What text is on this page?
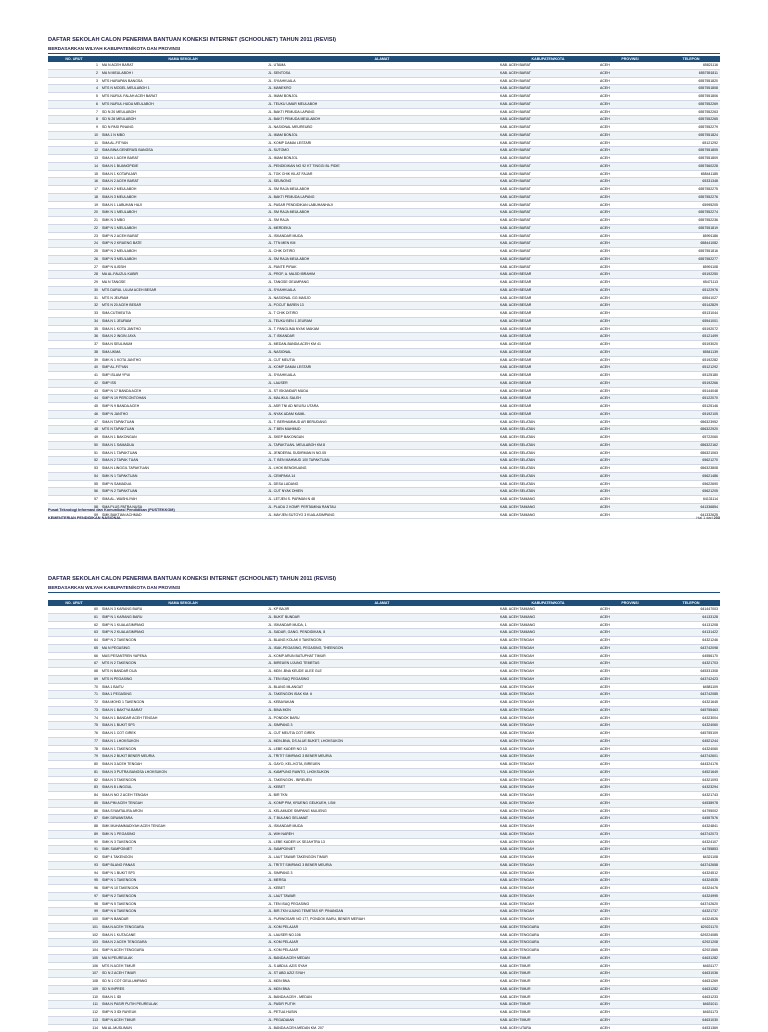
DAFTAR SEKOLAH CALON PENERIMA BANTUAN KONEKSI INTERNET (SCHOOLNET) TAHUN 2011 (REVISI)
BERDASARKAN WILYAH KABUPATEN/KOTA DAN PROVINSI
NO. URUT	NAMA SEKOLAH	ALAMAT	KABUPATEN/KOTA	PROVINSI	TELEPON
1	MA N ACEH BARAT	JL. UTAMA	KAB. ACEH BARAT	ACEH	65821116
2	MA N MEULABOH I	JL. SENTOSA	KAB. ACEH BARAT	ACEH	6557551811
3	MTS HARAPAN BANGSA	JL. SYIAHKUALA	KAB. ACEH BARAT	ACEH	6557551820
4	MTS N MODEL MEULABOH 1	JL. MANEKRO	KAB. ACEH BARAT	ACEH	6557551808
5	MTS NURUL FALAH ACEH BARAT	JL. IMAM BONJOL	KAB. ACEH BARAT	ACEH	6557551806
6	MTS NURUL HUDA MEULABOH	JL. TEUKU UMAR MEULABOH	KAB. ACEH BARAT	ACEH	6557552269
7	SD N 20 MEULABOH	JL. BAKTI PEMUDA LAPANG	KAB. ACEH BARAT	ACEH	6557552263
8	SD N 26 MEULABOH	JL. BAKTI PEMUDA MEULABOH	KAB. ACEH BARAT	ACEH	6557552265
9	SD N PASI PINANG	JL. NASIONAL MEUREUBO	KAB. ACEH BARAT	ACEH	6557552279
10	SMA 1 N MBO	JL. IMAM BONJOL	KAB. ACEH BARAT	ACEH	6557551824
11	SMA AL-FITYAN	JL. KOMP DAMAI LESTARI	KAB. ACEH BARAT	ACEH	65121292
12	SMA BINA GENERASI BANGSA	JL. SUTOMO	KAB. ACEH BARAT	ACEH	6557551805
13	SMA N 1 ACEH BARAT	JL. IMAM BONJOL	KAB. ACEH BARAT	ACEH	6557551809
14	SMA N 1 BUANGPIDIE	JL. PENDIDIKAN NO 92 KT TINGGI BL PIDIE	KAB. ACEH BARAT	ACEH	6557560228
15	SMA N 1 KOTAFAJAR	JL. TGK CHIK KILAT FAJAR	KAB. ACEH BARAT	ACEH	658441185
16	SMA N 2 ACEH BARAT	JL. SEUNONG	KAB. ACEH BARAT	ACEH	65331348
17	SMA N 2 MEULABOH	JL. SM RAJA MEULABOH	KAB. ACEH BARAT	ACEH	6557552275
18	SMA N 3 MEULABOH	JL. BAKTI PEMUDA LAPANG	KAB. ACEH BARAT	ACEH	6557552276
19	SMA N 1 LABUHAN HAJI	JL. PASAR PENDIDIKAN LABUHANHAJI	KAB. ACEH BARAT	ACEH	65995205
20	SMK N 1 MEULABOH	JL. SM RAJA MEULABOH	KAB. ACEH BARAT	ACEH	6557552274
21	SMK N 3 MBO	JL. SM RAJA	KAB. ACEH BARAT	ACEH	6557552236
22	SMP N 1 MEULABOH	JL. MERDEKA	KAB. ACEH BARAT	ACEH	6557551819
23	SMP N 2 ACEH BARAT	JL. ISKANDAR MUDA	KAB. ACEH BARAT	ACEH	65991186
24	SMP N 2 KRUENG BATE	JL. TTN MEN KM	KAB. ACEH BARAT	ACEH	658441082
25	SMP N 2 MEULABOH	JL. CHIK DITIRO	KAB. ACEH BARAT	ACEH	6557551816
26	SMP N 3 MEULABOH	JL. SM RAJA MEULABOH	KAB. ACEH BARAT	ACEH	6557552277
27	SMP N ILISSIH	JL. PANTE PIRAK	KAB. ACEH BARAT	ACEH	65991108
28	MA AL-FAUZUL KABIR	JL. PROF. A. MAJID IBRAHIM	KAB. ACEH BESAR	ACEH	65192250
29	MA N TANGSE	JL. TANGSE GEUMPANG	KAB. ACEH BESAR	ACEH	65471113
30	MTS DARUL ULUM ACEH BESAR	JL. SYIAHKUALA	KAB. ACEH BESAR	ACEH	65122976
31	MTS N JEURAM	JL. NASIONAL GG MASJO	KAB. ACEH BESAR	ACEH	65541027
32	MTS N 20 ACEH BESAR	JL. POCUT BAREN 13	KAB. ACEH BESAR	ACEH	65142829
33	SMA CUTMEUTIA	JL. T CHIK DITIRO	KAB. ACEH BESAR	ACEH	65131044
34	SMA N 1 JEURAM	JL. TEUKU BEN 1 JEURAM	KAB. ACEH BESAR	ACEH	65541001
35	SMA N 1 KOTA JANTHO	JL. T. PANGLIMA NYAK MAKAM	KAB. ACEH BESAR	ACEH	65192072
36	SMA N 2 INGIN JAYA	JL. T ISKANDAR	KAB. ACEH BESAR	ACEH	65121499
37	SMA N SEULIMUM	JL. MEDAN-BANDA ACEH KM 41	KAB. ACEH BESAR	ACEH	65193020
38	SMA UKMA	JL. NASIONAL	KAB. ACEH BESAR	ACEH	65541139
39	SMK N 1 KOTA JANTHO	JL. CUT MEUTIA	KAB. ACEH BESAR	ACEH	65192282
40	SMP AL-FITYAN	JL. KOMP DAMAI LESTARI	KAB. ACEH BESAR	ACEH	65121292
41	SMP ISLAM YPUI	JL. SYIAHKUALA	KAB. ACEH BESAR	ACEH	65125180
42	SMP ISS	JL. LAUSER	KAB. ACEH BESAR	ACEH	65192266
43	SMP N 17 BANDA ACEH	JL. ST ISKANDAR MUDA	KAB. ACEH BESAR	ACEH	65144048
44	SMP N 19 PERCONTOHAN	JL. MALIKUL SALEH	KAB. ACEH BESAR	ACEH	65122070
45	SMP N 9 BANDA ACEH	JL. ASR TNI AD NEUSU UTARA	KAB. ACEH BESAR	ACEH	65125146
46	SMP N JANTHO	JL. NYAK ADAM KAMIL	KAB. ACEH BESAR	ACEH	65192105
47	SMA N TAPAKTUAN	JL. T. BERHAMMUD AR BERUDANG	KAB. ACEH SELATAN	ACEH	656323952
48	MTS N TAPAKTUAN	JL. T BEN MAHMUD	KAB. ACEH SELATAN	ACEH	656322920
49	SMA N 1 BAKONGAN	JL. SKEP BAKONGAN	KAB. ACEH SELATAN	ACEH	65722060
50	SMA N 1 SAMADUA	JL. TAPAKTUAN- MEULABOH KM.8	KAB. ACEH SELATAN	ACEH	656322162
51	SMA N 1 TAPAKTUAN	JL. JENDERAL SUDIRMAN N NO.05	KAB. ACEH SELATAN	ACEH	656321063
52	SMA N 2 TAPAK TUAN	JL. T. BEN MAHMUD 100 TAPAKTUAN	KAB. ACEH SELATAN	ACEH	65621270
53	SMA N LINGGIL TAPAKTUAN	JL. LHOK BENGKUANG	KAB. ACEH SELATAN	ACEH	656323808
54	SMK N 1 TAPAKTUAN	JL. CEMPAKA 14	KAB. ACEH SELATAN	ACEH	65621486
55	SMP N SAMADUA	JL. DESA LADANG	KAB. ACEH SELATAN	ACEH	65622690
56	SMP N 2 TAPAKTUAN	JL. CUT NYAK DHIEN	KAB. ACEH SELATAN	ACEH	65621205
57	SMA AL- WASHLIYAH	JL. LETJEN S. PARMAN N 48	KAB. ACEH TAMIANG	ACEH	64131114
58	SMA PLUS PATRA NUSA	JL. PLADU 2 KOMP. PERTAMINA RANTAU	KAB. ACEH TAMIANG	ACEH	641336854
59	SMK BAKTIAN ACHMAD	JL. MAYJEN SUTOYO 3 KUALASIMPANG	KAB. ACEH TAMIANG	ACEH	641332625
Pusat Teknologi Informasi dan Komunikasi Pendidikan (PUSTEKKOM)
KEMENTERIAN PENDIDIKAN NASIONAL	Hal 1 dari 203
DAFTAR SEKOLAH CALON PENERIMA BANTUAN KONEKSI INTERNET (SCHOOLNET) TAHUN 2011 (REVISI)
BERDASARKAN WILYAH KABUPATEN/KOTA DAN PROVINSI
NO. URUT	NAMA SEKOLAH	ALAMAT	KABUPATEN/KOTA	PROVINSI	TELEPON
60	SMA N 3 KARANG BARU	JL. KP BAJIR	KAB. ACEH TAMIANG	ACEH	641447003
61	SMP N 1 KARANG BARU	JL. BUKIT BUNDAR	KAB. ACEH TAMIANG	ACEH	64133128
62	SMP N 1 KUALASIMPANG	JL. ISKANDAR MUDA, 1	KAB. ACEH TAMIANG	ACEH	64131208
63	SMP N 2 KUALASIMPANG	JL. SADAR, GANG. PENDIDIKAN, 8	KAB. ACEH TAMIANG	ACEH	64131422
64	SMP N 2 TAKENGON	JL. BLANG KOLAK II TAKENGON	KAB. ACEH TENGAH	ACEH	64321246
65	MA N PEGASING	JL. ISAK-PEGASING, PEGASING, THEENGON	KAB. ACEH TENGAH	ACEH	643742098
66	MAS PESANTREN YAPENA	JL. KOMP ARUN BATUPHAT TIMUR	KAB. ACEH TENGAH	ACEH	64556170
67	MTS N 2 TAKENGON	JL. BIREUEN UJUNG TEMETAS	KAB. ACEH TENGAH	ACEH	64321703
68	MTS N BANDAR DUA	JL. MDN -BNA KEUDE ULEE GLE	KAB. ACEH TENGAH	ACEH	645331308
69	MTS N PEGASING	JL. TEN ISAQ PEGASING	KAB. ACEH TENGAH	ACEH	643742423
70	SMA 1 BAITU	JL. BLANG MLANGAT	KAB. ACEH TENGAH	ACEH	64581109
71	SMA 1 PEGASING	JL. TAKENGON ISAK KM. 6	KAB. ACEH TENGAH	ACEH	643742085
72	SMA MOHD 1 TAKENGON	JL. KEBAYAKAN	KAB. ACEH TENGAH	ACEH	64321645
73	SMA N 1 BAKTYA BARAT	JL. BINA MON	KAB. ACEH TENGAH	ACEH	645755463
74	SMA N 1 BANDAR ACEH TENGAH	JL. PONDOK BARU	KAB. ACEH TENGAH	ACEH	64323004
75	SMA N 1 BUKIT SP3	JL. SIMPANG 3	KAB. ACEH TENGAH	ACEH	64324060
76	SMA N 1 COT GIREK	JL. CUT MEUTIA COT GIREK	KAB. ACEH TENGAH	ACEH	645755109
77	SMA N 1 LHOKSUKON	JL. MDN-BNA, DS ALUE BUKET, LHOKSUKON	KAB. ACEH TENGAH	ACEH	64521244
78	SMA N 1 TAKENGON	JL. LEBE KADER NO 13	KAB. ACEH TENGAH	ACEH	64324060
79	SMA N 2 BUKIT BENER MEURIA	JL. TRITIT SIMPANG 3 BENER MEURIA	KAB. ACEH TENGAH	ACEH	643742601
80	SMA N 3 ACEH TENGAH	JL. GAYO, KEL-KOTA, BIREUEN	KAB. ACEH TENGAH	ACEH	644324176
81	SMA N 3 PUTRA BANGSA LHOKSUKON	JL. KAMPUNG RAWTO, LHOKSUKON	KAB. ACEH TENGAH	ACEH	64521649
82	SMA N 3 TAKENGON	JL. TAKENGON - BIREUEN	KAB. ACEH TENGAH	ACEH	64321093
83	SMA N 8 LINGGUL	JL. KEBET	KAB. ACEH TENGAH	ACEH	64323294
84	SMA N NO 2 ACEH TENGAH	JL. BIR TKN	KAB. ACEH TENGAH	ACEH	64321743
85	SMA PIM ACEH TENGAH	JL. KOMP PIM, KRUENG GEUKUEH, LSM	KAB. ACEH TENGAH	ACEH	64538978
86	SMA SYAMTALIRA ARON	JL. KELAMUDE SIMPANG MULIENG	KAB. ACEH TENGAH	ACEH	64795002
87	SMK DEWANTARA	JL. T BULANG SELAMAT	KAB. ACEH TENGAH	ACEH	64557576
88	SMK MUHAMMADIYAH ACEH TENGAH	JL. ISKANDAR MUDA	KAB. ACEH TENGAH	ACEH	64324841
89	SMK N 1 PEGASING	JL. WIH NAREH	KAB. ACEH TENGAH	ACEH	643742073
90	SMK N 3 TAKENGON	JL. LEBE KADER LK SEJAHTRA 13	KAB. ACEH TENGAH	ACEH	64324107
91	SMK SAMPOINIET	JL. SAMPOINIET	KAB. ACEH TENGAH	ACEH	64755853
92	SMP 4 TAKENGON	JL. LAUT TAWAR TAKENGON TIMUR	KAB. ACEH TENGAH	ACEH	64321108
93	SMP BLANG PANAS	JL. TRITIT SIMPANG 3 BENER MEURIA	KAB. ACEH TENGAH	ACEH	643742658
94	SMP N 1 BUKIT SP3	JL. SIMPANG 3	KAB. ACEH TENGAH	ACEH	64324512
95	SMP N 1 TAKENGON	JL. MERSA	KAB. ACEH TENGAH	ACEH	64324535
96	SMP N 10 TAKENGON	JL. KEBET	KAB. ACEH TENGAH	ACEH	64324476
97	SMP N 2 TAKENGON	JL. LAUT TAWAR	KAB. ACEH TENGAH	ACEH	64324995
98	SMP N 5 TAKENGON	JL. TEN ISAQ PEGASING	KAB. ACEH TENGAH	ACEH	643742620
99	SMP N 6 TAKENGON	JL. BIR-TKN UJUNG TEMETAS KP. PINANGAN	KAB. ACEH TENGAH	ACEH	64321737
100	SMP N BANDAR	JL. PURWOSARI NO 177, PONDOK BARU, BENER MERIAH	KAB. ACEH TENGAH	ACEH	64324526
101	SMA N ACEH TENGGARA	JL. KOM PELAJAR	KAB. ACEH TENGGARA	ACEH	629221170
102	SMA N 1 KUTACANE	JL. LAUSER NO.106	KAB. ACEH TENGGARA	ACEH	629224085
103	SMA N 2 ACEH TENGGARA	JL. KOM PELAJAR	KAB. ACEH TENGGARA	ACEH	62921208
104	SMP N ACEH TENGGARA	JL. KOM PELAJAR	KAB. ACEH TENGGARA	ACEH	62921565
105	MA N PEUREULAK	JL. BANDA ACEH MEDAN	KAB. ACEH TIMUR	ACEH	64631282
106	MTS N ACEH TIMUR	JL. S ABDUL AZIS SYAH	KAB. ACEH TIMUR	ACEH	64631177
107	SD N 2 ACEH TIMUR	JL. ST ABD AZIZ SYAH	KAB. ACEH TIMUR	ACEH	64631036
108	SD N 1 COT GEULUMPANG	JL. MDN BNA	KAB. ACEH TIMUR	ACEH	64631269
109	SD N INPRES	JL. MDN BNA	KAB. ACEH TIMUR	ACEH	64631282
110	SMA N 1 IDI	JL. BANDA ACEH - MEDAN	KAB. ACEH TIMUR	ACEH	64631233
111	SMA N PASIR PUTIH PEUREULAK	JL. PASIR PUTIH	KAB. ACEH TIMUR	ACEH	64631011
112	SMP N 3 IDI RAYEUK	JL. PETUA HUSIN	KAB. ACEH TIMUR	ACEH	64631173
113	SMP N ACEH TIMUR	JL. PEGADAIAN	KAB. ACEH TIMUR	ACEH	64631030
114	MA AL-MUSLIMUN	JL. BANDA ACEH-MEDAN KM. 207	KAB. ACEH UTARA	ACEH	64531369
